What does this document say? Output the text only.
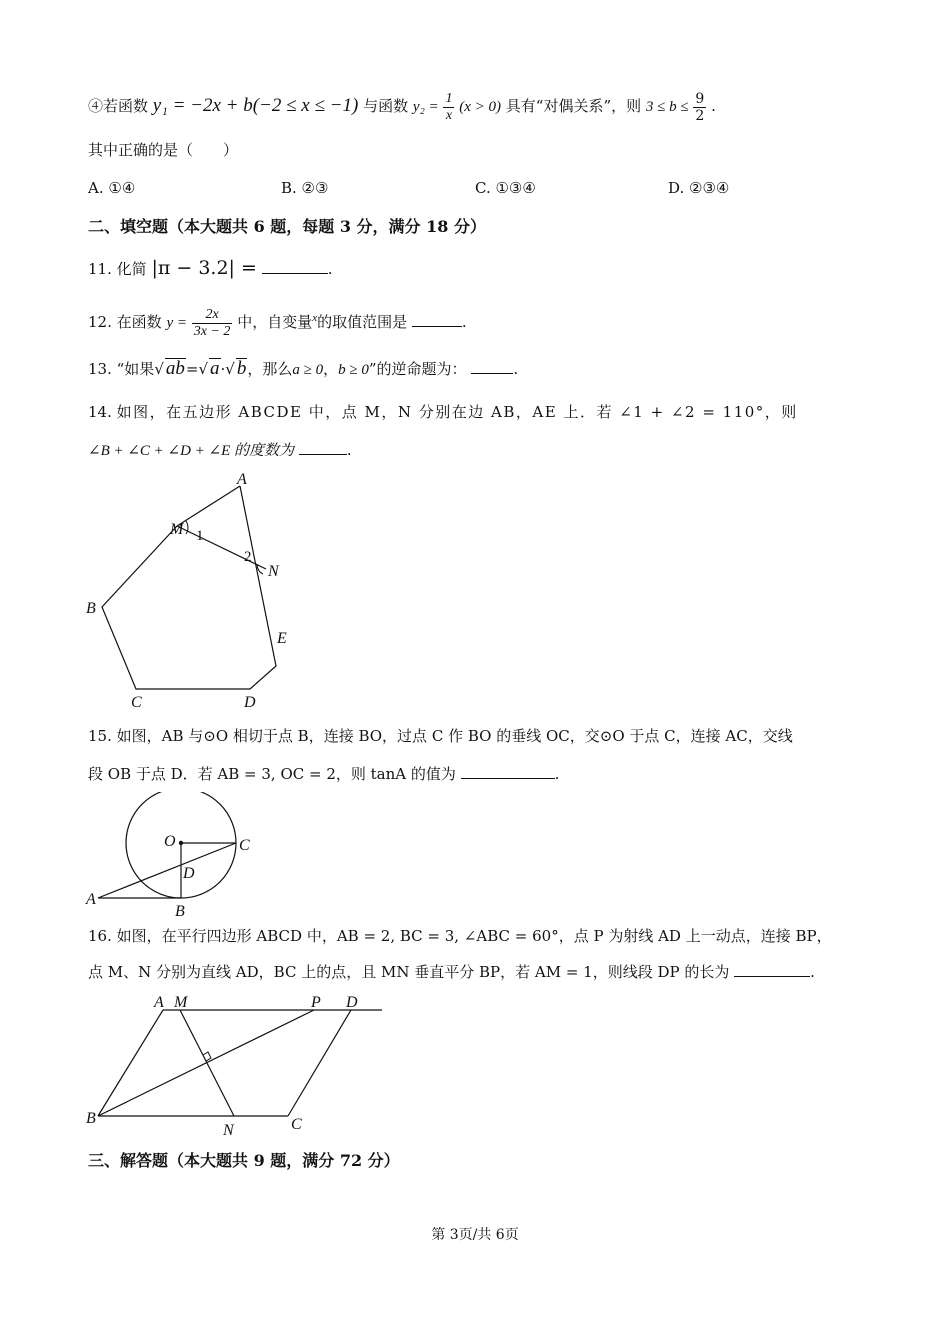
④若函数 y₁ = −2x + b(−2 ≤ x ≤ −1) 与函数 $y_2 = \frac{1}{x} (x > 0)$ 具有“对偶关系”，则 $3 \le b \le \frac{9}{2}$ .
其中正确的是（　　）
A. ①④	B. ②③	C. ①③④	D. ②③④
二、填空题（本大题共 6 题，每题 3 分，满分 18 分）
11. 化简 |π − 3.2| =	.
12. 在函数 $y = \frac{2x}{3x - 2}$ 中，自变量$^x$的取值范围是	.
13. “如果√ ab=√ a·√ b，那么a ≥ 0，b ≥ 0”的逆命题为：	.
14. 如图，在五边形 ABCDE 中，点 M，N 分别在边 AB，AE 上．若 ∠1 + ∠2 = 110°，则
∠B + ∠C + ∠D + ∠E 的度数为	.
A
M 1
2
N
B
E
C	D
15. 如图，AB 与⊙O 相切于点 B，连接 BO，过点 C 作 BO 的垂线 OC，交⊙O 于点 C，连接 AC，交线
段 OB 于点 D．若 AB = 3, OC = 2，则 tanA 的值为	.
O	C
D
A
B
16. 如图，在平行四边形 ABCD 中，AB = 2, BC = 3, ∠ABC = 60°，点 P 为射线 AD 上一动点，连接 BP，
点 M、N 分别为直线 AD，BC 上的点，且 MN 垂直平分 BP，若 AM = 1，则线段 DP 的长为	.
A M	P D
B
N	C
三、解答题（本大题共 9 题，满分 72 分）
第 3页/共 6页
